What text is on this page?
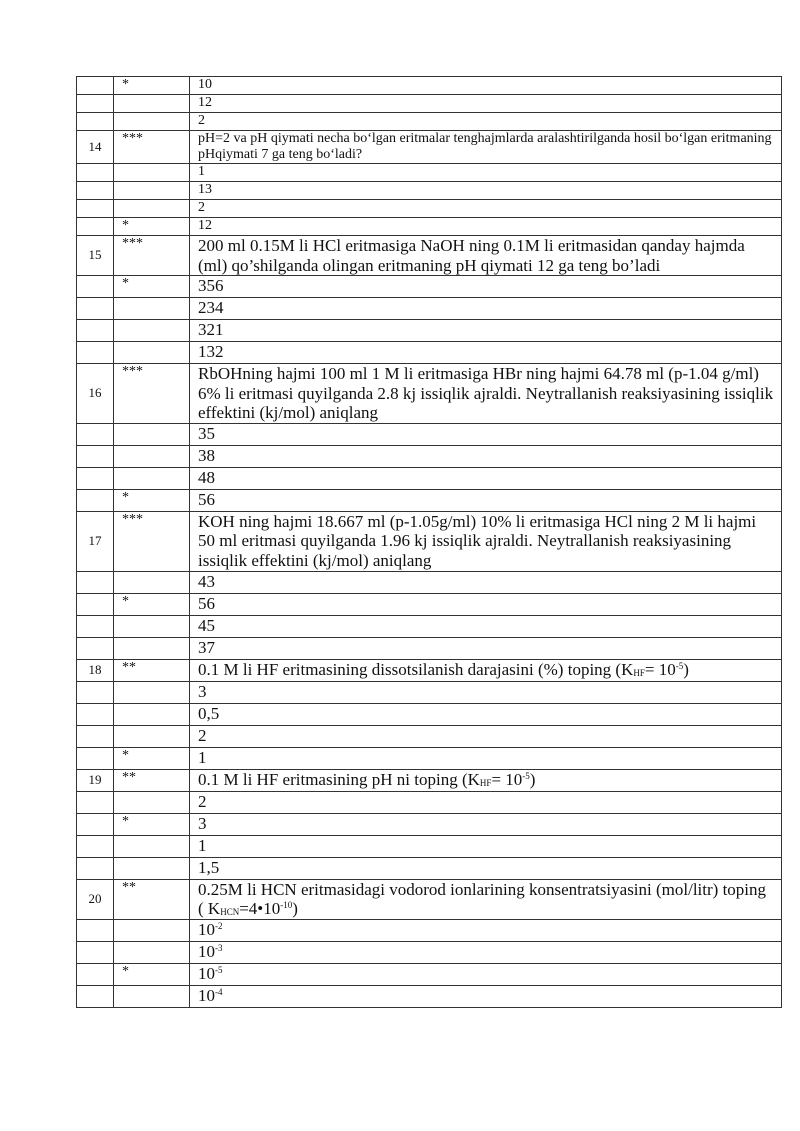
	*	10
		12
		2
14	***	pH=2 va pH qiymati necha bo‘lgan eritmalar tenghajmlarda aralashtirilganda hosil bo‘lgan eritmaning pHqiymati 7 ga teng bo‘ladi?
		1
		13
		2
	*	12
15	***	200 ml 0.15M li HCl eritmasiga NaOH ning 0.1M li eritmasidan qanday hajmda (ml) qo’shilganda olingan eritmaning pH qiymati 12 ga teng bo’ladi
	*	356
		234
		321
		132
16	***	RbOHning hajmi 100 ml 1 M li eritmasiga HBr ning hajmi 64.78 ml (p-1.04 g/ml) 6% li eritmasi quyilganda 2.8 kj issiqlik ajraldi. Neytrallanish reaksiyasining issiqlik effektini (kj/mol) aniqlang
		35
		38
		48
	*	56
17	***	KOH ning hajmi 18.667 ml (p-1.05g/ml) 10% li eritmasiga HCl ning 2 M li hajmi 50 ml eritmasi quyilganda 1.96 kj issiqlik ajraldi. Neytrallanish reaksiyasining issiqlik effektini (kj/mol) aniqlang
		43
	*	56
		45
		37
18	**	0.1 M li HF eritmasining dissotsilanish darajasini (%) toping $(K_{HF}= 10^{-5})$
		3
		0,5
		2
	*	1
19	**	0.1 M li HF eritmasining pH ni toping $(K_{HF}= 10^{-5})$
		2
	*	3
		1
		1,5
20	**	0.25M li HCN eritmasidagi vodorod ionlarining konsentratsiyasini (mol/litr) toping ( $K_{HCN}=4•10^{-10}$)
		$10^{-2}$
		$10^{-3}$
	*	$10^{-5}$
		$10^{-4}$
